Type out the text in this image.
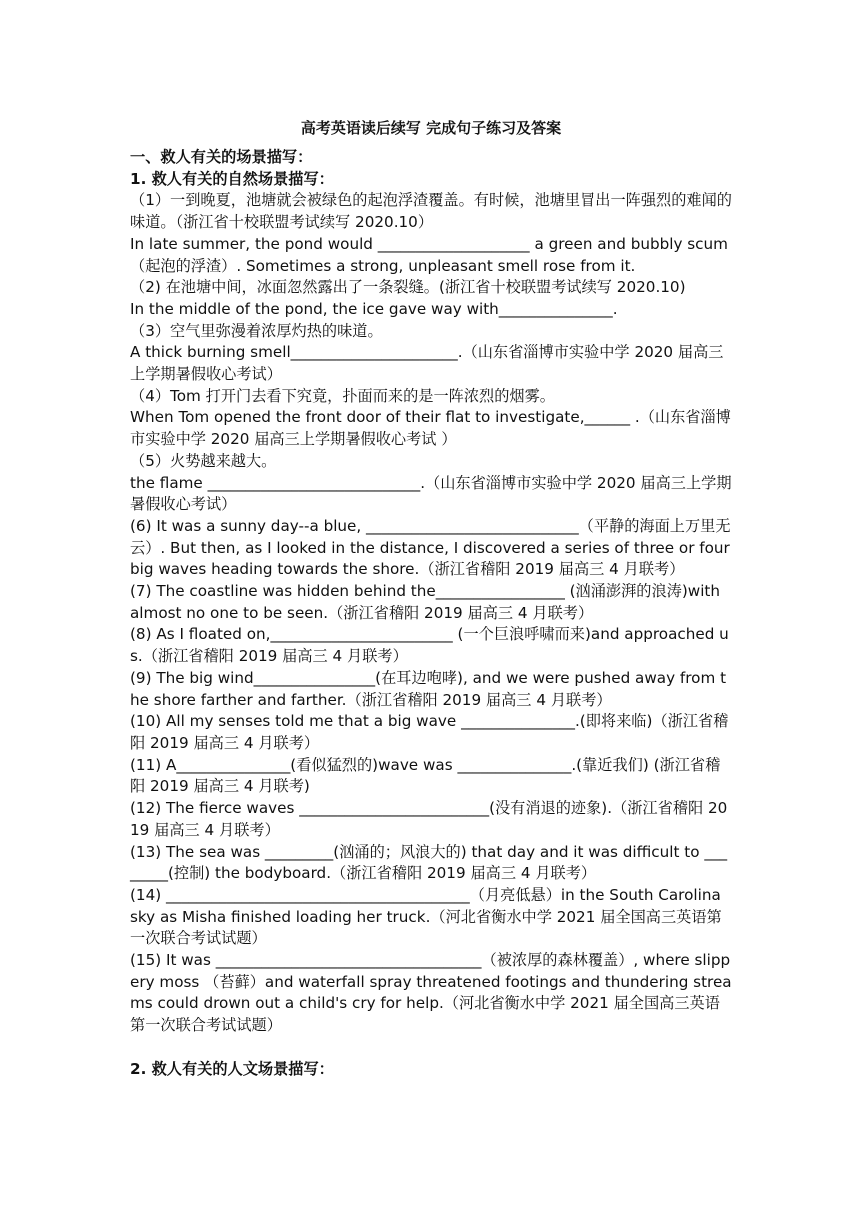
高考英语读后续写 完成句子练习及答案
一、救人有关的场景描写：
1. 救人有关的自然场景描写：
（1）一到晚夏，池塘就会被绿色的起泡浮渣覆盖。有时候，池塘里冒出一阵强烈的难闻的味道。（浙江省十校联盟考试续写 2020.10）
In late summer, the pond would ____________________ a green and bubbly scum（起泡的浮渣）. Sometimes a strong, unpleasant smell rose from it.
（2) 在池塘中间，冰面忽然露出了一条裂缝。(浙江省十校联盟考试续写 2020.10)
In the middle of the pond, the ice gave way with_______________.
（3）空气里弥漫着浓厚灼热的味道。
A thick burning smell______________________.（山东省淄博市实验中学 2020 届高三上学期暑假收心考试）
（4）Tom 打开门去看下究竟，扑面而来的是一阵浓烈的烟雾。
When Tom opened the front door of their flat to investigate,______ .（山东省淄博市实验中学 2020 届高三上学期暑假收心考试 ）
（5）火势越来越大。
the flame ____________________________.（山东省淄博市实验中学 2020 届高三上学期暑假收心考试）
(6) It was a sunny day--a blue, ____________________________（平静的海面上万里无云）. But then, as I looked in the distance, I discovered a series of three or four big waves heading towards the shore.（浙江省稽阳 2019 届高三 4 月联考）
(7) The coastline was hidden behind the_________________ (汹涌澎湃的浪涛)with almost no one to be seen.（浙江省稽阳 2019 届高三 4 月联考）
(8) As I floated on,________________________ (一个巨浪呼啸而来)and approached us.（浙江省稽阳 2019 届高三 4 月联考）
(9) The big wind________________(在耳边咆哮), and we were pushed away from the shore farther and farther.（浙江省稽阳 2019 届高三 4 月联考）
(10) All my senses told me that a big wave _______________.(即将来临)（浙江省稽阳 2019 届高三 4 月联考）
(11) A_______________(看似猛烈的)wave was _______________.(靠近我们) (浙江省稽阳 2019 届高三 4 月联考)
(12) The fierce waves _________________________(没有消退的迹象).（浙江省稽阳 2019 届高三 4 月联考）
(13) The sea was _________(汹涌的；风浪大的) that day and it was difficult to ________(控制) the bodyboard.（浙江省稽阳 2019 届高三 4 月联考）
(14) ________________________________________（月亮低悬）in the South Carolina sky as Misha finished loading her truck.（河北省衡水中学 2021 届全国高三英语第一次联合考试试题）
(15) It was ___________________________________（被浓厚的森林覆盖）, where slippery moss （苔藓）and waterfall spray threatened footings and thundering streams could drown out a child's cry for help.（河北省衡水中学 2021 届全国高三英语第一次联合考试试题）
2. 救人有关的人文场景描写：
